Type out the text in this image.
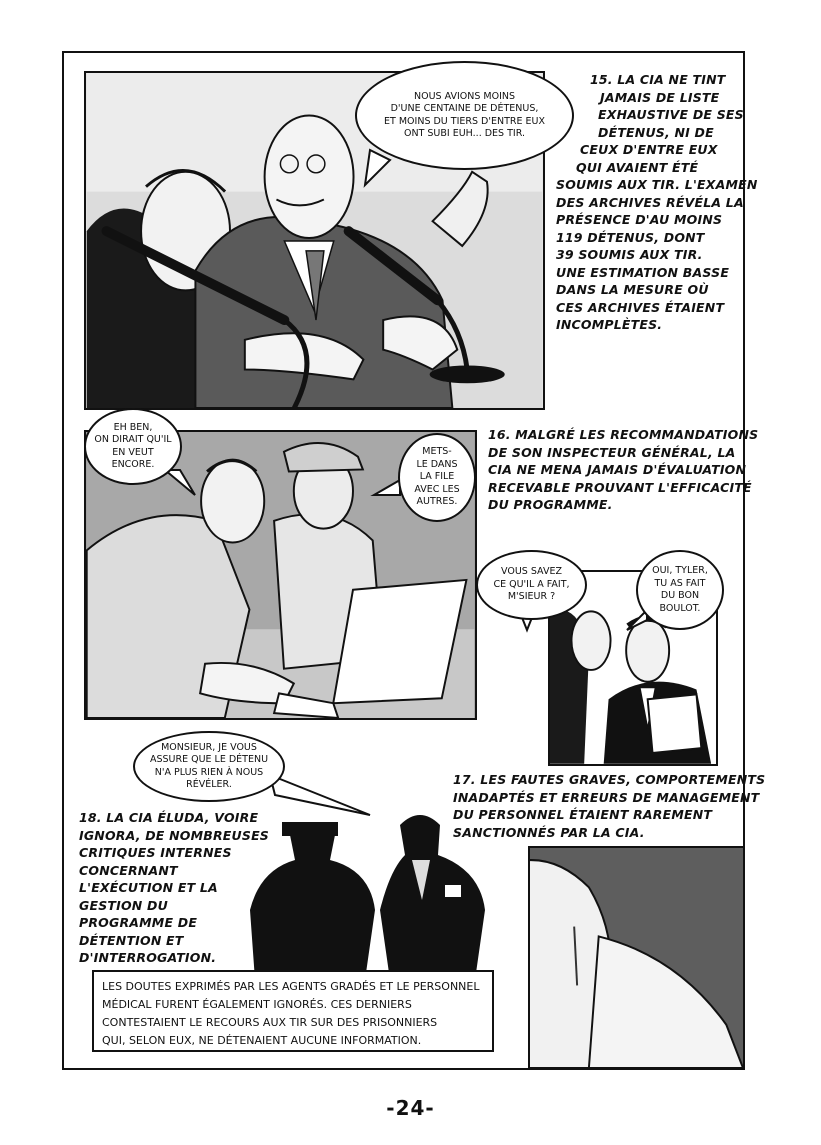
NOUS AVIONS MOINS
D'UNE CENTAINE DE DÉTENUS,
ET MOINS DU TIERS D'ENTRE EUX
ONT SUBI EUH... DES TIR.
15. LA CIA NE TINT
JAMAIS DE LISTE
EXHAUSTIVE DE SES
DÉTENUS, NI DE
CEUX D'ENTRE EUX
QUI AVAIENT ÉTÉ
SOUMIS AUX TIR. L'EXAMEN
DES ARCHIVES RÉVÉLA LA
PRÉSENCE D'AU MOINS
119 DÉTENUS, DONT
39 SOUMIS AUX TIR.
UNE ESTIMATION BASSE
DANS LA MESURE OÙ
CES ARCHIVES ÉTAIENT
INCOMPLÈTES.
EH BEN,
ON DIRAIT QU'IL
EN VEUT
ENCORE.
METS-
LE DANS
LA FILE
AVEC LES
AUTRES.
16. MALGRÉ LES RECOMMANDATIONS
DE SON INSPECTEUR GÉNÉRAL, LA
CIA NE MENA JAMAIS D'ÉVALUATION
RECEVABLE PROUVANT L'EFFICACITÉ
DU PROGRAMME.
VOUS SAVEZ
CE QU'IL A FAIT,
M'SIEUR ?
OUI, TYLER,
TU AS FAIT
DU BON
BOULOT.
MONSIEUR, JE VOUS
ASSURE QUE LE DÉTENU
N'A PLUS RIEN À NOUS
RÉVÉLER.	17. LES FAUTES GRAVES, COMPORTEMENTS
INADAPTÉS ET ERREURS DE MANAGEMENT
DU PERSONNEL ÉTAIENT RAREMENT
SANCTIONNÉS PAR LA CIA.
18. LA CIA ÉLUDA, VOIRE
IGNORA, DE NOMBREUSES
CRITIQUES INTERNES
CONCERNANT
L'EXÉCUTION ET LA
GESTION DU
PROGRAMME DE
DÉTENTION ET
D'INTERROGATION.
LES DOUTES EXPRIMÉS PAR LES AGENTS GRADÉS ET LE PERSONNEL
MÉDICAL FURENT ÉGALEMENT IGNORÉS. CES DERNIERS
CONTESTAIENT LE RECOURS AUX TIR SUR DES PRISONNIERS
QUI, SELON EUX, NE DÉTENAIENT AUCUNE INFORMATION.
-24-
